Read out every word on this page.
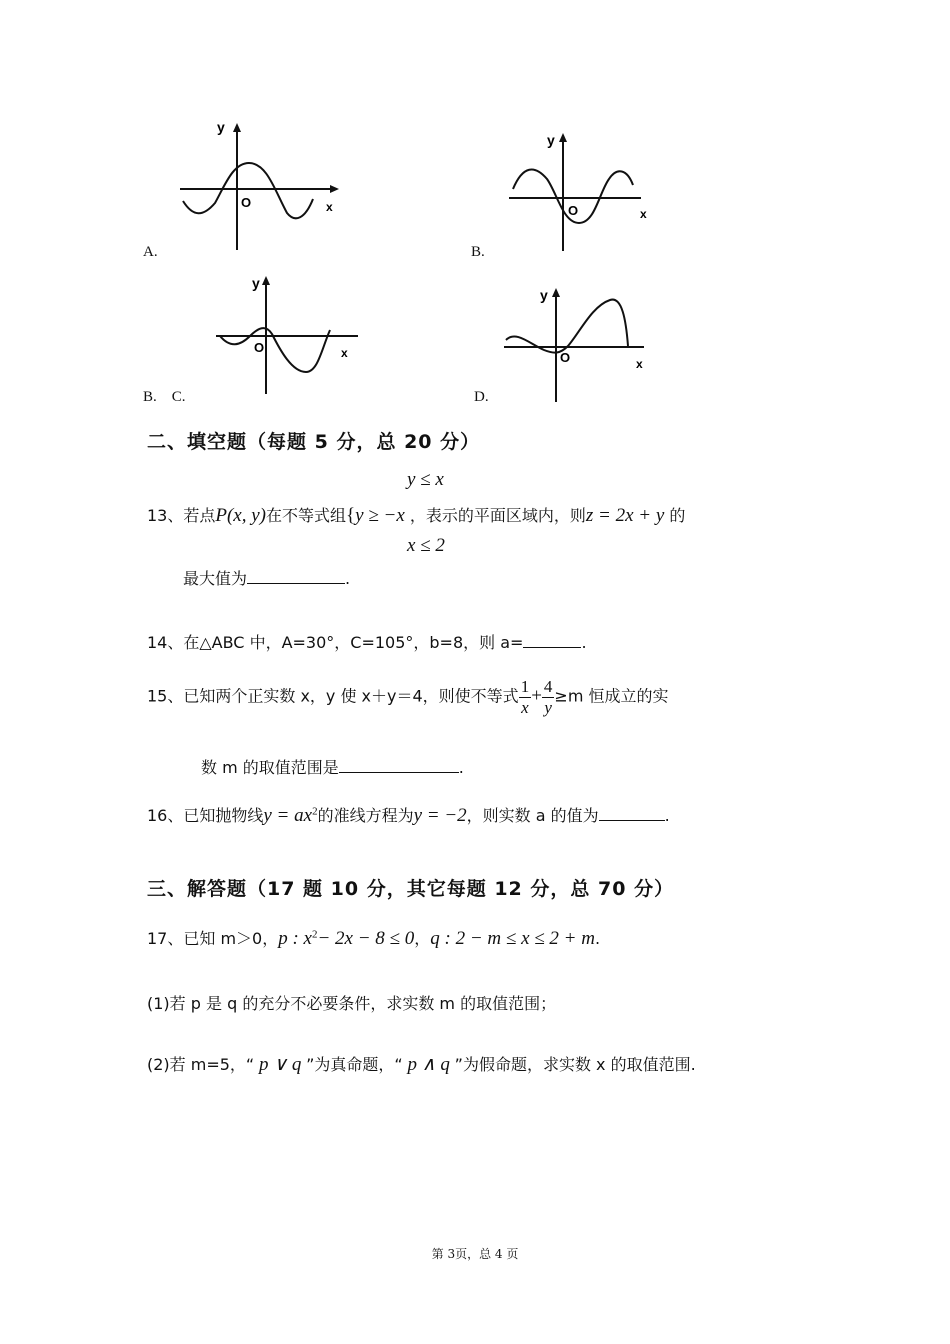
y
O	x
A.
y
O	x
B.
y
O	x
B. C.
y
O	x
D.
二、填空题（每题 5 分，总 20 分）
y ≤ x
x ≤ 2
13、若点P(x, y)在不等式组{y ≥ −x ，表示的平面区域内，则z = 2x + y 的
最大值为	.
14、在△ABC 中，A=30°，C=105°，b=8，则 a=	.
15、已知两个正实数 x，y 使 x＋y＝4，则使不等式 $\frac{1}{x} + \frac{4}{y} \ge m$ 恒成立的实
数 m 的取值范围是	.
16、已知抛物线$y = ax^2$的准线方程为y = −2，则实数 a 的值为	.
三、解答题（17 题 10 分，其它每题 12 分，总 70 分）
17、已知 m＞0，p : $x^2- 2x - 8 \le 0$，q : 2 − m ≤ x ≤ 2 + m.
(1)若 p 是 q 的充分不必要条件，求实数 m 的取值范围；
(2)若 m=5，“ p ∨ q ”为真命题，“ p ∧ q ”为假命题，求实数 x 的取值范围.
第 3页，总 4 页
